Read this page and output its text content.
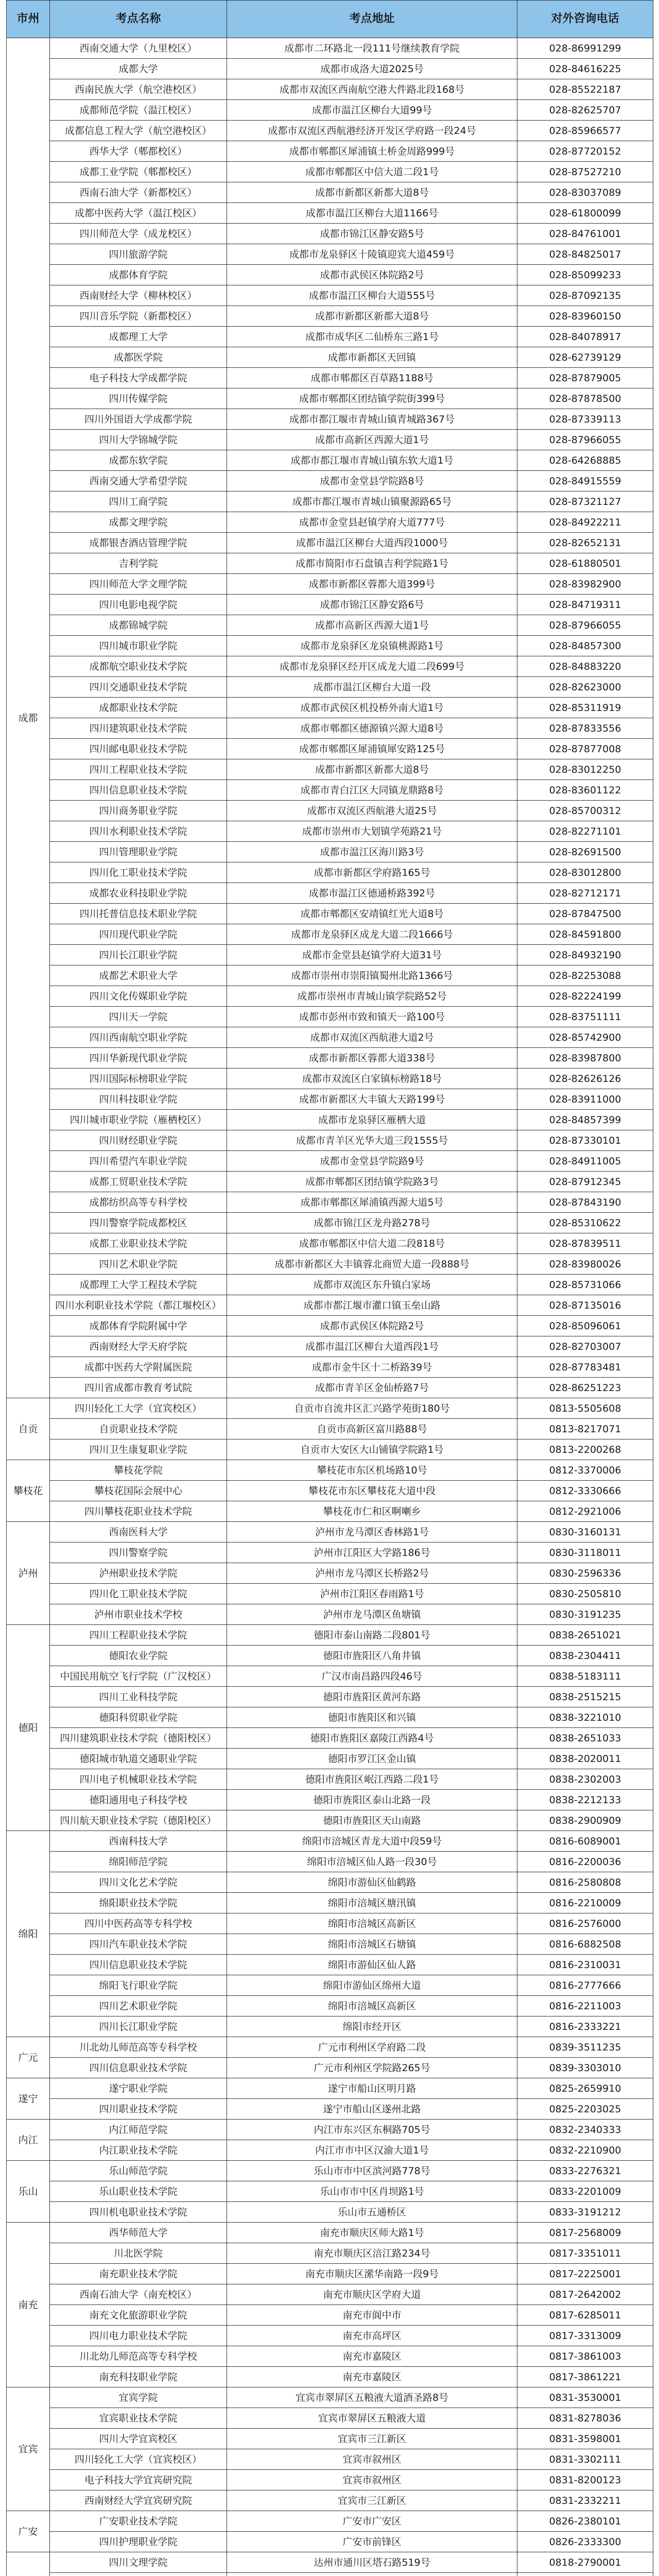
市州	考点名称	考点地址	对外咨询电话
成都	西南交通大学（九里校区）	成都市二环路北一段111号继续教育学院	028-86991299
	成都大学	成都市成洛大道2025号	028-84616225
	西南民族大学（航空港校区）	成都市双流区西南航空港大件路北段168号	028-85522187
	成都师范学院（温江校区）	成都市温江区柳台大道99号	028-82625707
	成都信息工程大学（航空港校区）	成都市双流区西航港经济开发区学府路一段24号	028-85966577
	西华大学（郫都校区）	成都市郫都区犀浦镇土桥金周路999号	028-87720152
	成都工业学院（郫都校区）	成都市郫都区中信大道二段1号	028-87527210
	西南石油大学（新都校区）	成都市新都区新都大道8号	028-83037089
	成都中医药大学（温江校区）	成都市温江区柳台大道1166号	028-61800099
	四川师范大学（成龙校区）	成都市锦江区静安路5号	028-84761001
	四川旅游学院	成都市龙泉驿区十陵镇迎宾大道459号	028-84825017
	成都体育学院	成都市武侯区体院路2号	028-85099233
	西南财经大学（柳林校区）	成都市温江区柳台大道555号	028-87092135
	四川音乐学院（新都校区）	成都市新都区新都大道8号	028-83960150
	成都理工大学	成都市成华区二仙桥东三路1号	028-84078917
	成都医学院	成都市新都区天回镇	028-62739129
	电子科技大学成都学院	成都市郫都区百草路1188号	028-87879005
	四川传媒学院	成都市郫都区团结镇学院街399号	028-87878500
	四川外国语大学成都学院	成都市都江堰市青城山镇青城路367号	028-87339113
	四川大学锦城学院	成都市高新区西源大道1号	028-87966055
	成都东软学院	成都市都江堰市青城山镇东软大道1号	028-64268885
	西南交通大学希望学院	成都市金堂县学院路8号	028-84915559
	四川工商学院	成都市都江堰市青城山镇聚源路65号	028-87321127
	成都文理学院	成都市金堂县赵镇学府大道777号	028-84922211
	成都银杏酒店管理学院	成都市温江区柳台大道西段1000号	028-82652131
	吉利学院	成都市简阳市石盘镇吉利学院路1号	028-61880501
	四川师范大学文理学院	成都市新都区蓉都大道399号	028-83982900
	四川电影电视学院	成都市锦江区静安路6号	028-84719311
	成都锦城学院	成都市高新区西源大道1号	028-87966055
	四川城市职业学院	成都市龙泉驿区龙泉镇桃源路1号	028-84857300
	成都航空职业技术学院	成都市龙泉驿区经开区成龙大道二段699号	028-84883220
	四川交通职业技术学院	成都市温江区柳台大道一段	028-82623000
	成都职业技术学院	成都市武侯区机投桥外南大道1号	028-85311919
	四川建筑职业技术学院	成都市郫都区德源镇兴源大道8号	028-87833556
	四川邮电职业技术学院	成都市郫都区犀浦镇犀安路125号	028-87877008
	四川工程职业技术学院	成都市新都区新都大道8号	028-83012250
	四川信息职业技术学院	成都市青白江区大同镇龙鼎路8号	028-83601122
	四川商务职业学院	成都市双流区西航港大道25号	028-85700312
	四川水利职业技术学院	成都市崇州市大划镇学苑路21号	028-82271101
	四川管理职业学院	成都市温江区海川路3号	028-82691500
	四川化工职业技术学院	成都市新都区学府路165号	028-83012800
	成都农业科技职业学院	成都市温江区德通桥路392号	028-82712171
	四川托普信息技术职业学院	成都市郫都区安靖镇红光大道8号	028-87847500
	四川现代职业学院	成都市龙泉驿区成龙大道二段1666号	028-84591800
	四川长江职业学院	成都市金堂县赵镇学府大道31号	028-84932190
	成都艺术职业大学	成都市崇州市崇阳镇蜀州北路1366号	028-82253088
	四川文化传媒职业学院	成都市崇州市青城山镇学院路52号	028-82224199
	四川天一学院	成都市彭州市致和镇天一路100号	028-83751111
	四川西南航空职业学院	成都市双流区西航港大道2号	028-85742900
	四川华新现代职业学院	成都市新都区蓉都大道338号	028-83987800
	四川国际标榜职业学院	成都市双流区白家镇标榜路18号	028-82626126
	四川科技职业学院	成都市新都区大丰镇大天路199号	028-83911000
	四川城市职业学院（雁栖校区）	成都市龙泉驿区雁栖大道	028-84857399
	四川财经职业学院	成都市青羊区光华大道三段1555号	028-87330101
	四川希望汽车职业学院	成都市金堂县学院路9号	028-84911005
	成都工贸职业技术学院	成都市郫都区团结镇学院路3号	028-87912345
	成都纺织高等专科学校	成都市郫都区犀浦镇西源大道5号	028-87843190
	四川警察学院成都校区	成都市锦江区龙舟路278号	028-85310622
	成都工业职业技术学院	成都市郫都区中信大道二段818号	028-87839511
	四川艺术职业学院	成都市新都区大丰镇蓉北商贸大道一段888号	028-83980026
	成都理工大学工程技术学院	成都市双流区东升镇白家场	028-85731066
	四川水利职业技术学院（都江堰校区）	成都市都江堰市灌口镇玉垒山路	028-87135016
	成都体育学院附属中学	成都市武侯区体院路2号	028-85096061
	西南财经大学天府学院	成都市温江区柳台大道西段1号	028-82703007
	成都中医药大学附属医院	成都市金牛区十二桥路39号	028-87783481
	四川省成都市教育考试院	成都市青羊区金仙桥路7号	028-86251223
自贡	四川轻化工大学（宜宾校区）	自贡市自流井区汇兴路学苑街180号	0813-5505608
	自贡职业技术学院	自贡市高新区富川路88号	0813-8217071
	四川卫生康复职业学院	自贡市大安区大山铺镇学院路1号	0813-2200268
攀枝花	攀枝花学院	攀枝花市东区机场路10号	0812-3370006
	攀枝花国际会展中心	攀枝花市东区攀枝花大道中段	0812-3330666
	四川攀枝花职业技术学院	攀枝花市仁和区啊喇乡	0812-2921006
泸州	西南医科大学	泸州市龙马潭区香林路1号	0830-3160131
	四川警察学院	泸州市江阳区大学路186号	0830-3118011
	泸州职业技术学院	泸州市龙马潭区长桥路2号	0830-2596336
	四川化工职业技术学院	泸州市江阳区春雨路1号	0830-2505810
	泸州市职业技术学校	泸州市龙马潭区鱼塘镇	0830-3191235
德阳	四川工程职业技术学院	德阳市泰山南路二段801号	0838-2651021
	德阳农业学院	德阳市旌阳区八角井镇	0838-2304411
	中国民用航空飞行学院（广汉校区）	广汉市南昌路四段46号	0838-5183111
	四川工业科技学院	德阳市旌阳区黄河东路	0838-2515215
	德阳科贸职业学院	德阳市旌阳区和兴镇	0838-3221010
	四川建筑职业技术学院（德阳校区）	德阳市旌阳区嘉陵江西路4号	0838-2651033
	德阳城市轨道交通职业学院	德阳市罗江区金山镇	0838-2020011
	四川电子机械职业技术学院	德阳市旌阳区岷江西路二段1号	0838-2302003
	德阳通用电子科技学校	德阳市旌阳区泰山北路一段	0838-2212133
	四川航天职业技术学院（德阳校区）	德阳市旌阳区天山南路	0838-2900909
绵阳	西南科技大学	绵阳市涪城区青龙大道中段59号	0816-6089001
	绵阳师范学院	绵阳市涪城区仙人路一段30号	0816-2200036
	四川文化艺术学院	绵阳市游仙区仙鹤路	0816-2580808
	绵阳职业技术学院	绵阳市涪城区塘汛镇	0816-2210009
	四川中医药高等专科学校	绵阳市涪城区高新区	0816-2576000
	四川汽车职业技术学院	绵阳市涪城区石塘镇	0816-6882508
	四川信息职业技术学院	绵阳市游仙区仙人路	0816-2310031
	绵阳飞行职业学院	绵阳市游仙区绵州大道	0816-2777666
	四川艺术职业学院	绵阳市涪城区高新区	0816-2211003
	四川长江职业学院	绵阳市经开区	0816-2333221
广元	川北幼儿师范高等专科学校	广元市利州区学府路二段	0839-3511235
	四川信息职业技术学院	广元市利州区学院路265号	0839-3303010
遂宁	遂宁职业学院	遂宁市船山区明月路	0825-2659910
	四川职业技术学院	遂宁市船山区遂州北路	0825-2203025
内江	内江师范学院	内江市东兴区东桐路705号	0832-2340333
	内江职业技术学院	内江市市中区汉渝大道1号	0832-2210900
乐山	乐山师范学院	乐山市市中区滨河路778号	0833-2276321
	乐山职业技术学院	乐山市市中区肖坝路1号	0833-2201009
	四川机电职业技术学院	乐山市五通桥区	0833-3191212
南充	西华师范大学	南充市顺庆区师大路1号	0817-2568009
	川北医学院	南充市顺庆区涪江路234号	0817-3351011
	南充职业技术学院	南充市顺庆区潆华南路一段9号	0817-2225001
	西南石油大学（南充校区）	南充市顺庆区学府大道	0817-2642002
	南充文化旅游职业学院	南充市阆中市	0817-6285011
	四川电力职业技术学院	南充市高坪区	0817-3313009
	川北幼儿师范高等专科学校	南充市嘉陵区	0817-3861003
	南充科技职业学院	南充市嘉陵区	0817-3861221
宜宾	宜宾学院	宜宾市翠屏区五粮液大道酒圣路8号	0831-3530001
	宜宾职业技术学院	宜宾市翠屏区五粮液大道	0831-8278036
	四川大学宜宾校区	宜宾市三江新区	0831-3598001
	四川轻化工大学（宜宾校区）	宜宾市叙州区	0831-3302111
	电子科技大学宜宾研究院	宜宾市叙州区	0831-8200123
	西南财经大学宜宾研究院	宜宾市三江新区	0831-2332211
广安	广安职业技术学院	广安市广安区	0826-2380101
	四川护理职业学院	广安市前锋区	0826-2333300
	四川文理学院	达州市通川区塔石路519号	0818-2790001
